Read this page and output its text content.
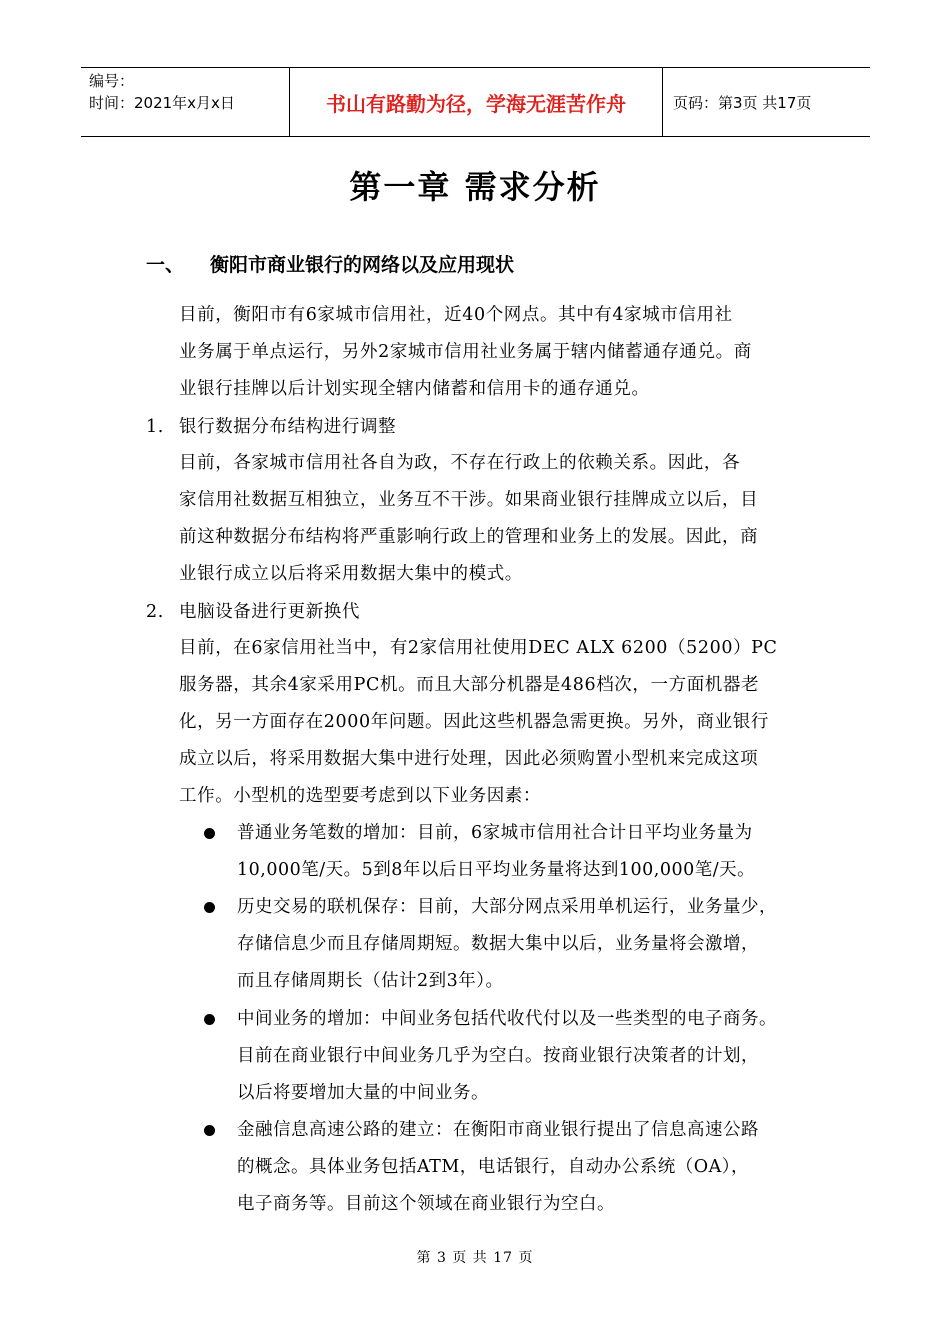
编号：
时间：2021年x月x日	书山有路勤为径，学海无涯苦作舟	页码：第3页 共17页
第一章 需求分析
一、	衡阳市商业银行的网络以及应用现状
目前，衡阳市有6家城市信用社，近40个网点。其中有4家城市信用社
业务属于单点运行，另外2家城市信用社业务属于辖内储蓄通存通兑。商
业银行挂牌以后计划实现全辖内储蓄和信用卡的通存通兑。
1. 银行数据分布结构进行调整
目前，各家城市信用社各自为政，不存在行政上的依赖关系。因此，各
家信用社数据互相独立，业务互不干涉。如果商业银行挂牌成立以后，目
前这种数据分布结构将严重影响行政上的管理和业务上的发展。因此，商
业银行成立以后将采用数据大集中的模式。
2. 电脑设备进行更新换代
目前，在6家信用社当中，有2家信用社使用DEC ALX 6200（5200）PC
服务器，其余4家采用PC机。而且大部分机器是486档次，一方面机器老
化，另一方面存在2000年问题。因此这些机器急需更换。另外，商业银行
成立以后，将采用数据大集中进行处理，因此必须购置小型机来完成这项
工作。小型机的选型要考虑到以下业务因素：
普通业务笔数的增加：目前，6家城市信用社合计日平均业务量为
10,000笔/天。5到8年以后日平均业务量将达到100,000笔/天。
历史交易的联机保存：目前，大部分网点采用单机运行，业务量少，
存储信息少而且存储周期短。数据大集中以后，业务量将会激增，
而且存储周期长（估计2到3年）。
中间业务的增加：中间业务包括代收代付以及一些类型的电子商务。
目前在商业银行中间业务几乎为空白。按商业银行决策者的计划，
以后将要增加大量的中间业务。
金融信息高速公路的建立：在衡阳市商业银行提出了信息高速公路
的概念。具体业务包括ATM，电话银行，自动办公系统（OA），
电子商务等。目前这个领域在商业银行为空白。
第 3 页 共 17 页
